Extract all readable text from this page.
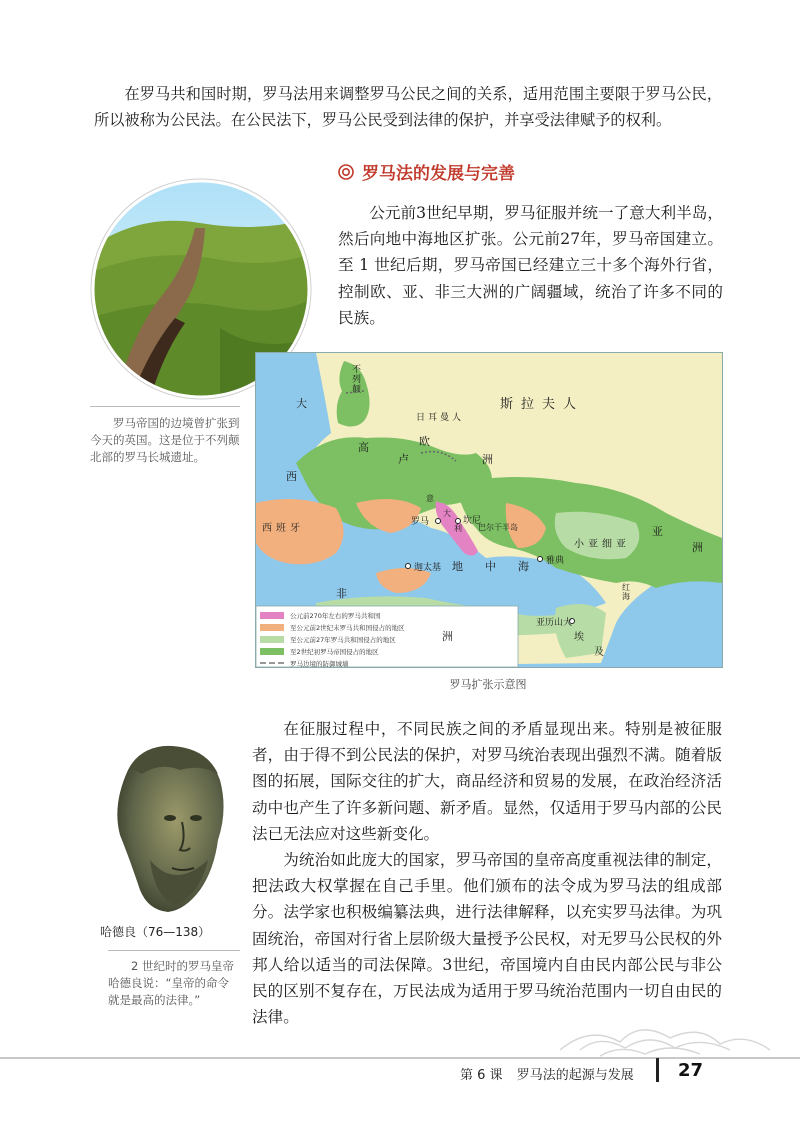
在罗马共和国时期，罗马法用来调整罗马公民之间的关系，适用范围主要限于罗马公民，所以被称为公民法。在公民法下，罗马公民受到法律的保护，并享受法律赋予的权利。

罗马法的发展与完善

公元前3世纪早期，罗马征服并统一了意大利半岛，然后向地中海地区扩张。公元前27年，罗马帝国建立。至 1 世纪后期，罗马帝国已经建立三十多个海外行省，控制欧、亚、非三大洲的广阔疆域，统治了许多不同的民族。

罗马帝国的边境曾扩张到今天的英国。这是位于不列颠北部的罗马长城遗址。
大
西
不列颠
斯拉夫人
日耳曼人
欧
洲
高
卢
西班牙
意
大
利
罗马	坎尼
巴尔干半岛
雅典
迦太基
小亚细亚
亚
洲
地中海
非
洲
亚历山大
埃
及
红海
公元前270年左右的罗马共和国
至公元前2世纪末罗马共和国侵占的地区
至公元前27年罗马共和国侵占的地区
至2世纪初罗马帝国侵占的地区
罗马边境的防御城墙
罗马扩张示意图
哈德良（76—138）
2 世纪时的罗马皇帝哈德良说：“皇帝的命令就是最高的法律。”

在征服过程中，不同民族之间的矛盾显现出来。特别是被征服者，由于得不到公民法的保护，对罗马统治表现出强烈不满。随着版图的拓展，国际交往的扩大，商品经济和贸易的发展，在政治经济活动中也产生了许多新问题、新矛盾。显然，仅适用于罗马内部的公民法已无法应对这些新变化。

为统治如此庞大的国家，罗马帝国的皇帝高度重视法律的制定，把法政大权掌握在自己手里。他们颁布的法令成为罗马法的组成部分。法学家也积极编纂法典，进行法律解释，以充实罗马法律。为巩固统治，帝国对行省上层阶级大量授予公民权，对无罗马公民权的外邦人给以适当的司法保障。3世纪，帝国境内自由民内部公民与非公民的区别不复存在，万民法成为适用于罗马统治范围内一切自由民的法律。

第 6 课 罗马法的起源与发展 27
